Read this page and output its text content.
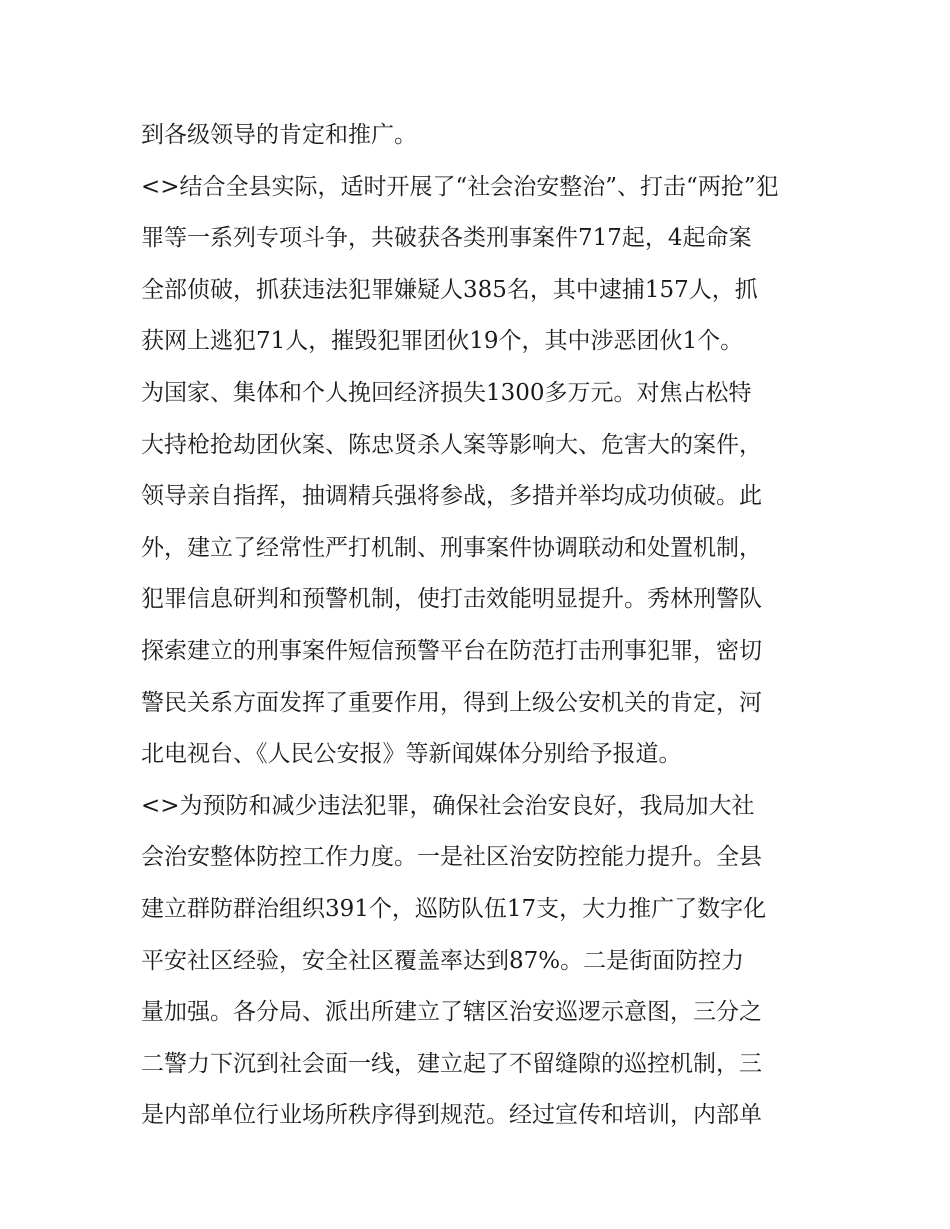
到各级领导的肯定和推广。
<>结合全县实际，适时开展了“社会治安整治”、打击“两抢”犯
罪等一系列专项斗争，共破获各类刑事案件717起，4起命案
全部侦破，抓获违法犯罪嫌疑人385名，其中逮捕157人，抓
获网上逃犯71人，摧毁犯罪团伙19个，其中涉恶团伙1个。
为国家、集体和个人挽回经济损失1300多万元。对焦占松特
大持枪抢劫团伙案、陈忠贤杀人案等影响大、危害大的案件，
领导亲自指挥，抽调精兵强将参战，多措并举均成功侦破。此
外，建立了经常性严打机制、刑事案件协调联动和处置机制，
犯罪信息研判和预警机制，使打击效能明显提升。秀林刑警队
探索建立的刑事案件短信预警平台在防范打击刑事犯罪，密切
警民关系方面发挥了重要作用，得到上级公安机关的肯定，河
北电视台、《人民公安报》等新闻媒体分别给予报道。
<>为预防和减少违法犯罪，确保社会治安良好，我局加大社
会治安整体防控工作力度。一是社区治安防控能力提升。全县
建立群防群治组织391个，巡防队伍17支，大力推广了数字化
平安社区经验，安全社区覆盖率达到87%。二是街面防控力
量加强。各分局、派出所建立了辖区治安巡逻示意图，三分之
二警力下沉到社会面一线，建立起了不留缝隙的巡控机制，三
是内部单位行业场所秩序得到规范。经过宣传和培训，内部单
